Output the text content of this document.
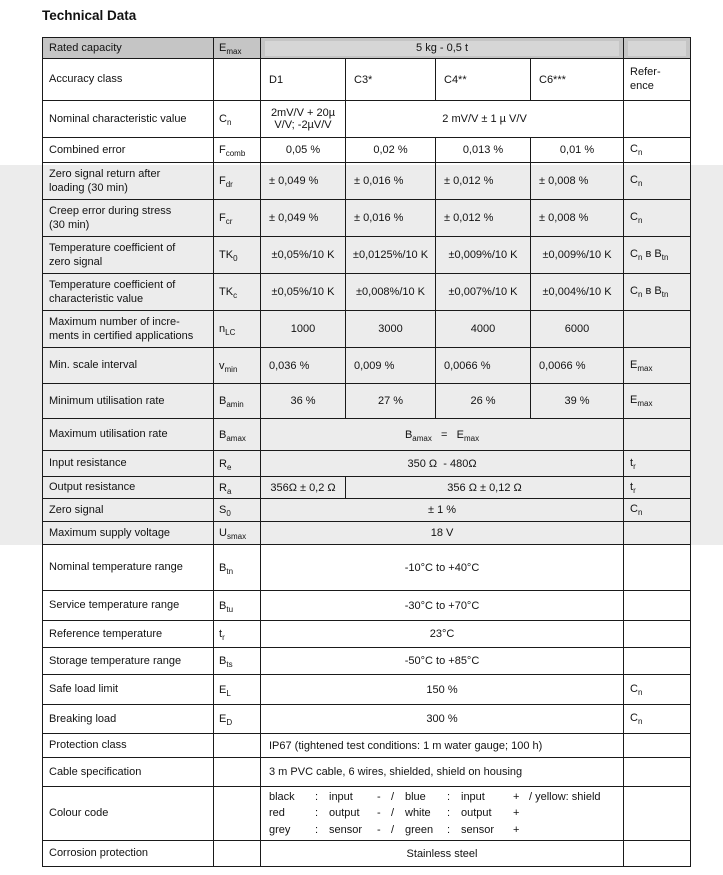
Technical Data
Rated capacity	$E_{max}$	5 kg - 0,5 t				

Accuracy class		D1	C3*	C4**	C6***	Refer-
ence
Nominal characteristic value	$C_n$	2mV/V + 20µ
V/V; -2µV/V	2 mV/V ± 1 µ V/V			
Combined error	$F_{comb}$	0,05 %	0,02 %	0,013 %	0,01 %	$C_n$
Zero signal return after
loading (30 min)	$F_{dr}$	± 0,049 %	± 0,016 %	± 0,012 %	± 0,008 %	$C_n$
Creep error during stress
(30 min)	$F_{cr}$	± 0,049 %	± 0,016 %	± 0,012 %	± 0,008 %	$C_n$
Temperature coefficient of
zero signal	$TK_0$	±0,05%/10 K	±0,0125%/10 K	±0,009%/10 K	±0,009%/10 K	$C_n$ в $B_{tn}$
Temperature coefficient of
characteristic value	$TK_c$	±0,05%/10 K	±0,008%/10 K	±0,007%/10 K	±0,004%/10 K	$C_n$ в $B_{tn}$
Maximum number of incre-
ments in certified applications	$n_{LC}$	1000	3000	4000	6000	
Min. scale interval	$v_{min}$	0,036 %	0,009 %	0,0066 %	0,0066 %	$E_{max}$
Minimum utilisation rate	$B_{amin}$	36 %	27 %	26 %	39 %	$E_{max}$
Maximum utilisation rate	$B_{amax}$	$B_{amax} = E_{max}$	
Input resistance	$R_e$	350 Ω  - 480Ω				$t_r$
Output resistance	$R_a$	356Ω ± 0,2 Ω	356 Ω ± 0,12 Ω			$t_r$
Zero signal	$S_0$	± 1 %				$C_n$
Maximum supply voltage	$U_{smax}$	18 V				
Nominal temperature range	$B_{tn}$	-10°C to +40°C				
Service temperature range	$B_{tu}$	-30°C to +70°C				
Reference temperature	$t_r$	23°C				
Storage temperature range	$B_{ts}$	-50°C to +85°C				
Safe load limit	$E_L$	150 %				$C_n$
Breaking load	$E_D$	300 %				$C_n$
Protection class		IP67 (tightened test conditions: 1 m water gauge; 100 h)				
Cable specification		3 m PVC cable, 6 wires, shielded, shield on housing				
Colour code		
black	: input	- / blue	: input	+ / yellow: shield
red	: output	- / white	: output	+
grey	: sensor	- / green	: sensor	+

Corrosion protection		Stainless steel				
